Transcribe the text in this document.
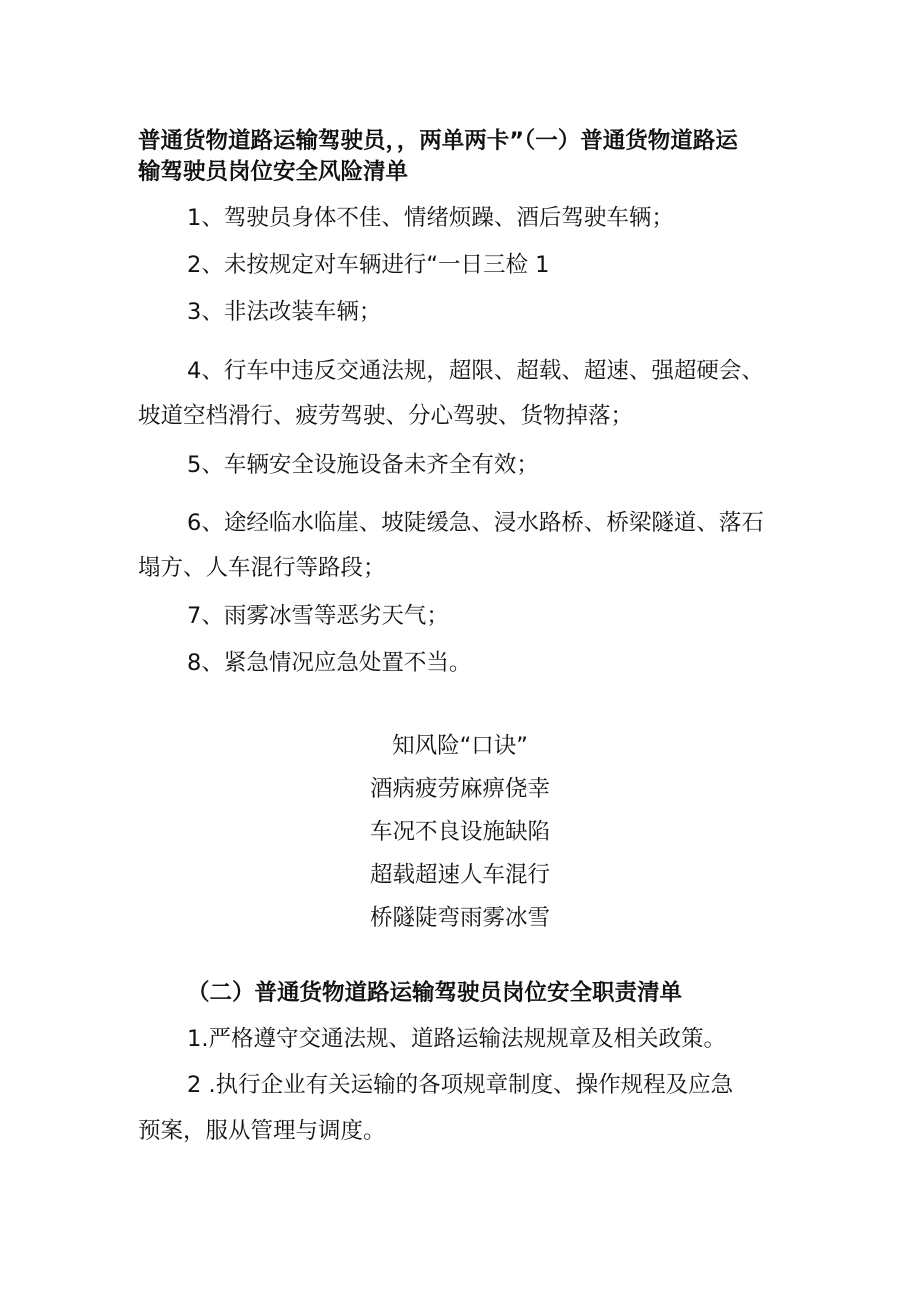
普通货物道路运输驾驶员，，两单两卡”（一）普通货物道路运

输驾驶员岗位安全风险清单

1、驾驶员身体不佳、情绪烦躁、酒后驾驶车辆；

2、未按规定对车辆进行“一日三检 1

3、非法改装车辆；

4、行车中违反交通法规，超限、超载、超速、强超硬会、

坡道空档滑行、疲劳驾驶、分心驾驶、货物掉落；

5、车辆安全设施设备未齐全有效；

6、途经临水临崖、坡陡缓急、浸水路桥、桥梁隧道、落石

塌方、人车混行等路段；

7、雨雾冰雪等恶劣天气；

8、紧急情况应急处置不当。

知风险“口诀”

酒病疲劳麻痹侥幸

车况不良设施缺陷

超载超速人车混行

桥隧陡弯雨雾冰雪

（二）普通货物道路运输驾驶员岗位安全职责清单

1.严格遵守交通法规、道路运输法规规章及相关政策。

2 .执行企业有关运输的各项规章制度、操作规程及应急

预案，服从管理与调度。
